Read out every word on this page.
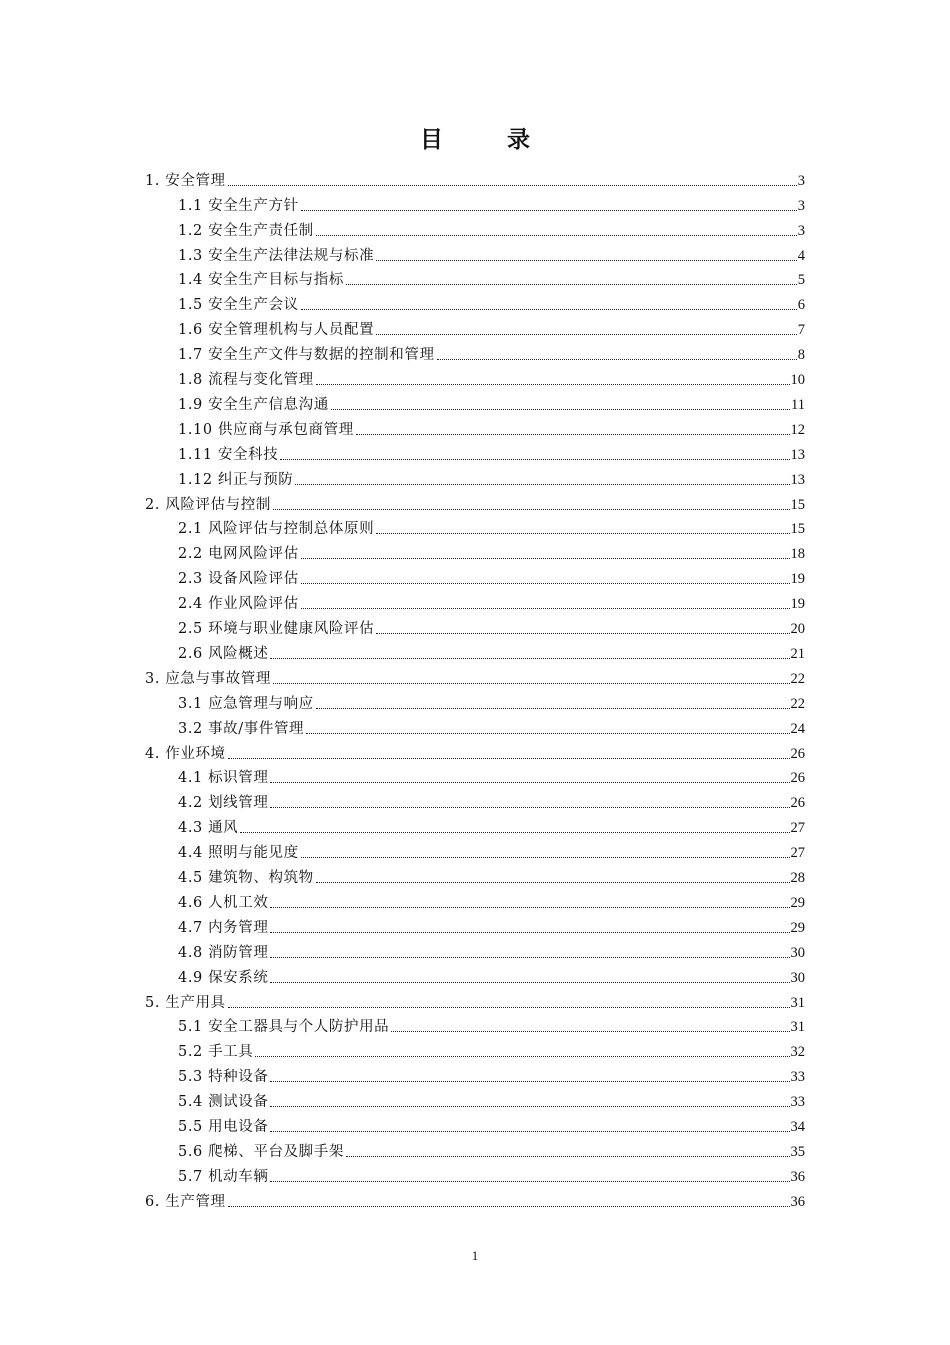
目 录
1. 安全管理	3
1.1 安全生产方针	3
1.2 安全生产责任制	3
1.3 安全生产法律法规与标准	4
1.4 安全生产目标与指标	5
1.5 安全生产会议	6
1.6 安全管理机构与人员配置	7
1.7 安全生产文件与数据的控制和管理	8
1.8 流程与变化管理	10
1.9 安全生产信息沟通	11
1.10 供应商与承包商管理	12
1.11 安全科技	13
1.12 纠正与预防	13
2. 风险评估与控制	15
2.1 风险评估与控制总体原则	15
2.2 电网风险评估	18
2.3 设备风险评估	19
2.4 作业风险评估	19
2.5 环境与职业健康风险评估	20
2.6 风险概述	21
3. 应急与事故管理	22
3.1 应急管理与响应	22
3.2 事故/事件管理	24
4. 作业环境	26
4.1 标识管理	26
4.2 划线管理	26
4.3 通风	27
4.4 照明与能见度	27
4.5 建筑物、构筑物	28
4.6 人机工效	29
4.7 内务管理	29
4.8 消防管理	30
4.9 保安系统	30
5. 生产用具	31
5.1 安全工器具与个人防护用品	31
5.2 手工具	32
5.3 特种设备	33
5.4 测试设备	33
5.5 用电设备	34
5.6 爬梯、平台及脚手架	35
5.7 机动车辆	36
6. 生产管理	36
1
